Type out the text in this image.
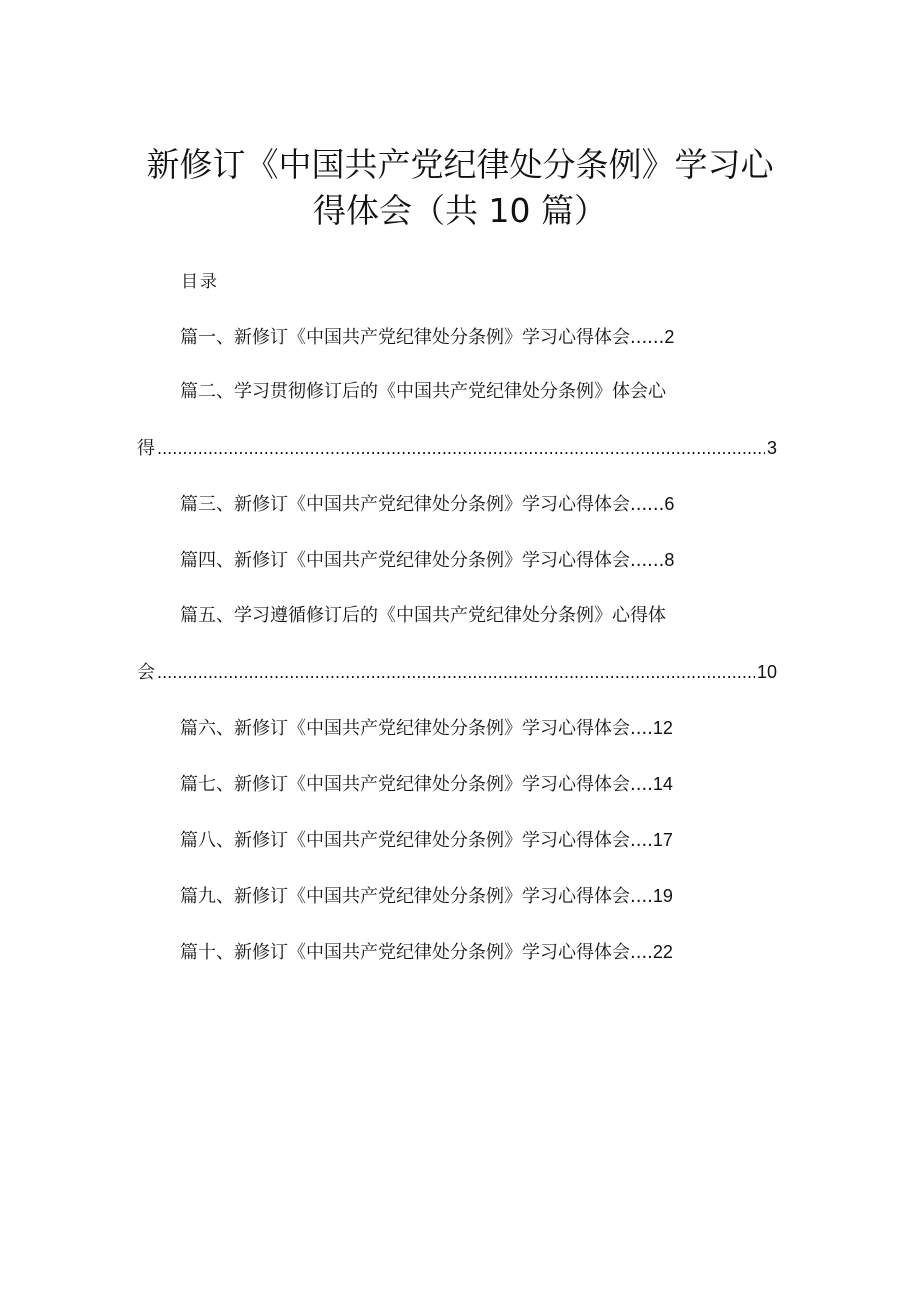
新修订《中国共产党纪律处分条例》学习心
得体会（共 10 篇）
目录
篇一、新修订《中国共产党纪律处分条例》学习心得体会......2
篇二、学习贯彻修订后的《中国共产党纪律处分条例》体会心
得 .....	3
篇三、新修订《中国共产党纪律处分条例》学习心得体会......6
篇四、新修订《中国共产党纪律处分条例》学习心得体会......8
篇五、学习遵循修订后的《中国共产党纪律处分条例》心得体
会 .....	10
篇六、新修订《中国共产党纪律处分条例》学习心得体会....12
篇七、新修订《中国共产党纪律处分条例》学习心得体会....14
篇八、新修订《中国共产党纪律处分条例》学习心得体会....17
篇九、新修订《中国共产党纪律处分条例》学习心得体会....19
篇十、新修订《中国共产党纪律处分条例》学习心得体会....22
